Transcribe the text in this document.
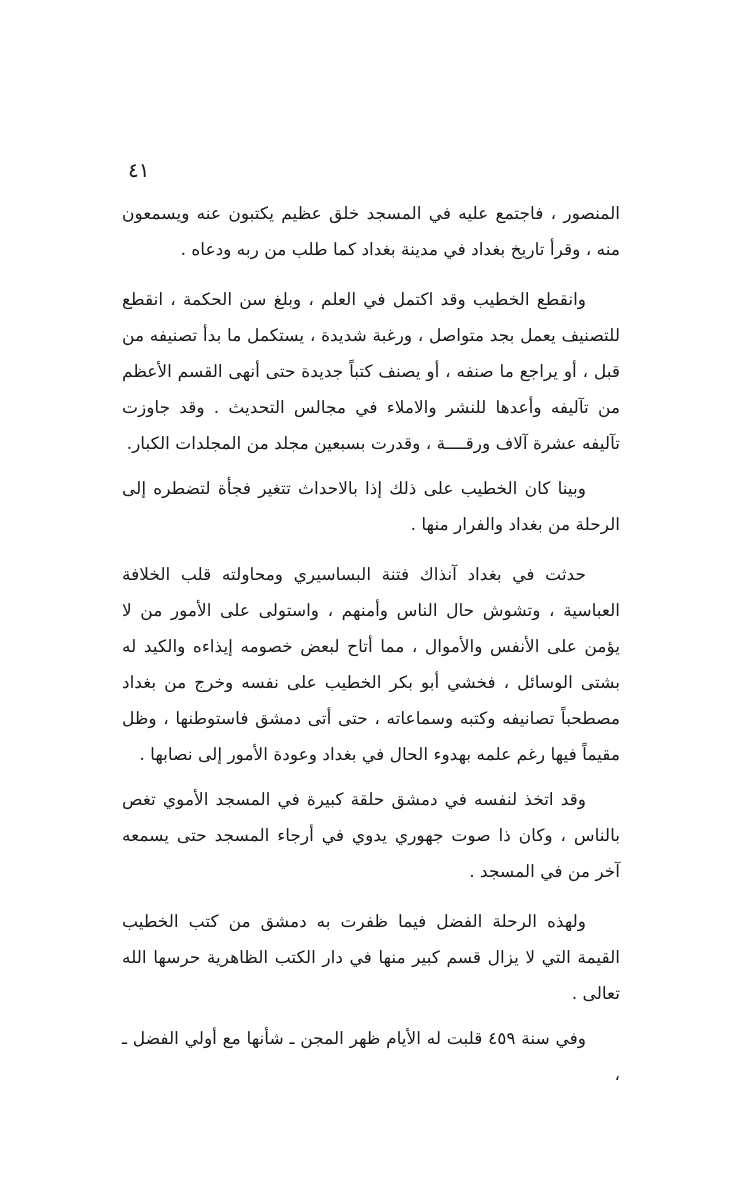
٤١

المنصور ، فاجتمع عليه في المسجد خلق عظيم يكتبون عنه ويسمعون منه ، وقرأ تاريخ بغداد في مدينة بغداد كما طلب من ربه ودعاه .

وانقطع الخطيب وقد اكتمل في العلم ، وبلغ سن الحكمة ، انقطع للتصنيف يعمل بجد متواصل ، ورغبة شديدة ، يستكمل ما بدأ تصنيفه من قبل ، أو يراجع ما صنفه ، أو يصنف كتباً جديدة حتى أنهى القسم الأعظم من تآليفه وأعدها للنشر والاملاء في مجالس التحديث . وقد جاوزت تآليفه عشرة آلاف ورقــــة ، وقدرت بسبعين مجلد من المجلدات الكبار.

وبينا كان الخطيب على ذلك إذا بالاحداث تتغير فجأة لتضطره إلى الرحلة من بغداد والفرار منها .

حدثت في بغداد آنذاك فتنة البساسيري ومحاولته قلب الخلافة العباسية ، وتشوش حال الناس وأمنهم ، واستولى على الأمور من لا يؤمن على الأنفس والأموال ، مما أتاح لبعض خصومه إيذاءه والكيد له بشتى الوسائل ، فخشي أبو بكر الخطيب على نفسه وخرج من بغداد مصطحباً تصانيفه وكتبه وسماعاته ، حتى أتى دمشق فاستوطنها ، وظل مقيماً فيها رغم علمه بهدوء الحال في بغداد وعودة الأمور إلى نصابها .

وقد اتخذ لنفسه في دمشق حلقة كبيرة في المسجد الأموي تغص بالناس ، وكان ذا صوت جهوري يدوي في أرجاء المسجد حتى يسمعه آخر من في المسجد .

ولهذه الرحلة الفضل فيما ظفرت به دمشق من كتب الخطيب القيمة التي لا يزال قسم كبير منها في دار الكتب الظاهرية حرسها الله تعالى .

وفي سنة ٤٥٩ قلبت له الأيام ظهر المجن ـ شأنها مع أولي الفضل ـ ،
